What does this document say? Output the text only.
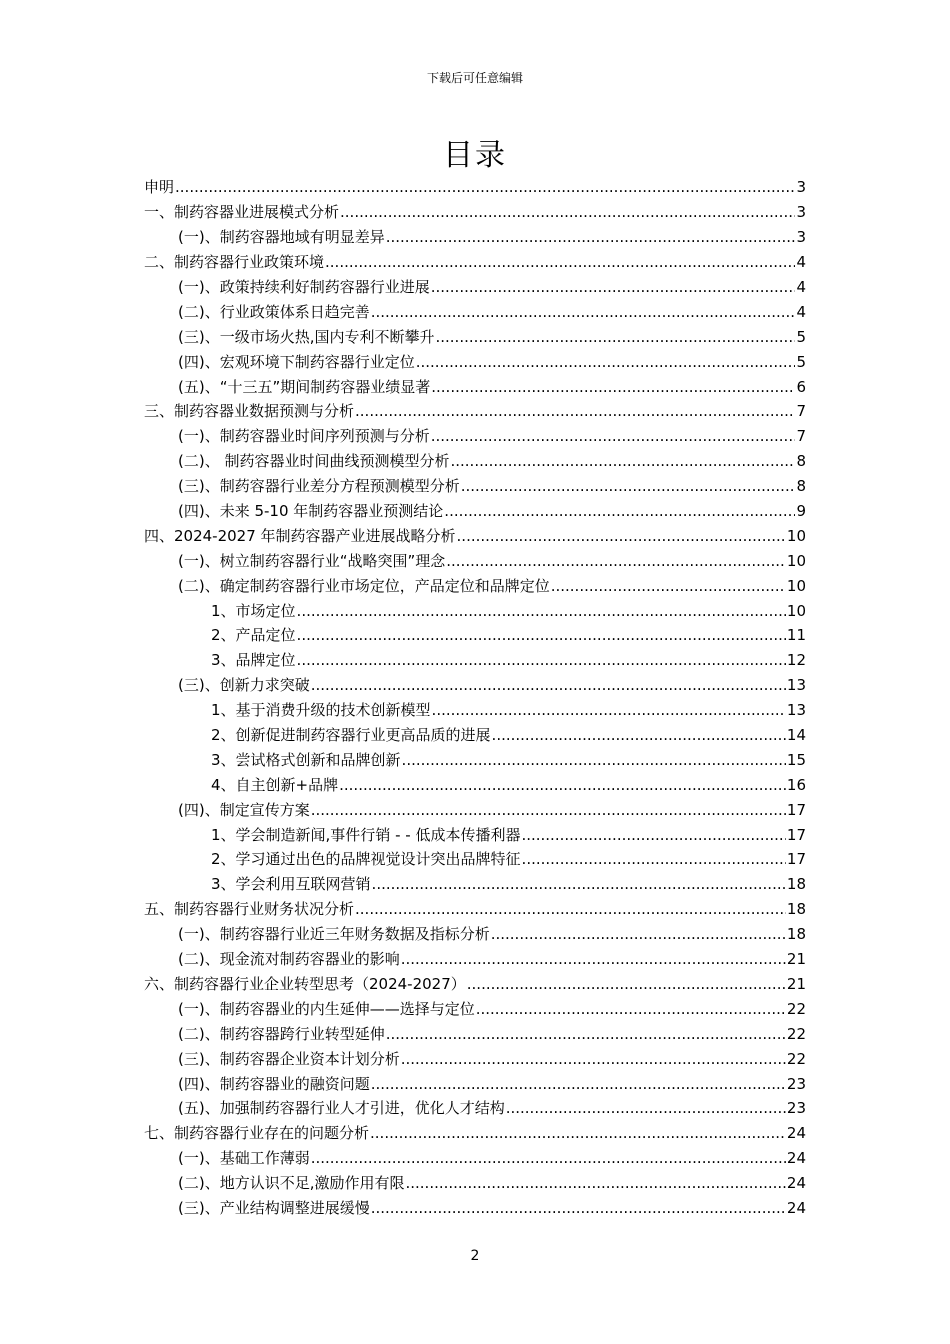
下载后可任意编辑
目录
申明 .....	3
一、制药容器业进展模式分析 .....	3
(一)、制药容器地域有明显差异 .....	3
二、制药容器行业政策环境 .....	4
(一)、政策持续利好制药容器行业进展 .....	4
(二)、行业政策体系日趋完善 .....	4
(三)、一级市场火热,国内专利不断攀升 .....	5
(四)、宏观环境下制药容器行业定位 .....	5
(五)、“十三五”期间制药容器业绩显著 .....	6
三、制药容器业数据预测与分析 .....	7
(一)、制药容器业时间序列预测与分析 .....	7
(二)、 制药容器业时间曲线预测模型分析 .....	8
(三)、制药容器行业差分方程预测模型分析 .....	8
(四)、未来 5-10 年制药容器业预测结论 .....	9
四、2024-2027 年制药容器产业进展战略分析 .....	10
(一)、树立制药容器行业“战略突围”理念 .....	10
(二)、确定制药容器行业市场定位，产品定位和品牌定位 .....	10
1、市场定位 .....	10
2、产品定位 .....	11
3、品牌定位 .....	12
(三)、创新力求突破 .....	13
1、基于消费升级的技术创新模型 .....	13
2、创新促进制药容器行业更高品质的进展 .....	14
3、尝试格式创新和品牌创新 .....	15
4、自主创新+品牌 .....	16
(四)、制定宣传方案 .....	17
1、学会制造新闻,事件行销 - - 低成本传播利器 .....	17
2、学习通过出色的品牌视觉设计突出品牌特征 .....	17
3、学会利用互联网营销 .....	18
五、制药容器行业财务状况分析 .....	18
(一)、制药容器行业近三年财务数据及指标分析 .....	18
(二)、现金流对制药容器业的影响 .....	21
六、制药容器行业企业转型思考（2024-2027） .....	21
(一)、制药容器业的内生延伸——选择与定位 .....	22
(二)、制药容器跨行业转型延伸 .....	22
(三)、制药容器企业资本计划分析 .....	22
(四)、制药容器业的融资问题 .....	23
(五)、加强制药容器行业人才引进，优化人才结构 .....	23
七、制药容器行业存在的问题分析 .....	24
(一)、基础工作薄弱 .....	24
(二)、地方认识不足,激励作用有限 .....	24
(三)、产业结构调整进展缓慢 .....	24
2
